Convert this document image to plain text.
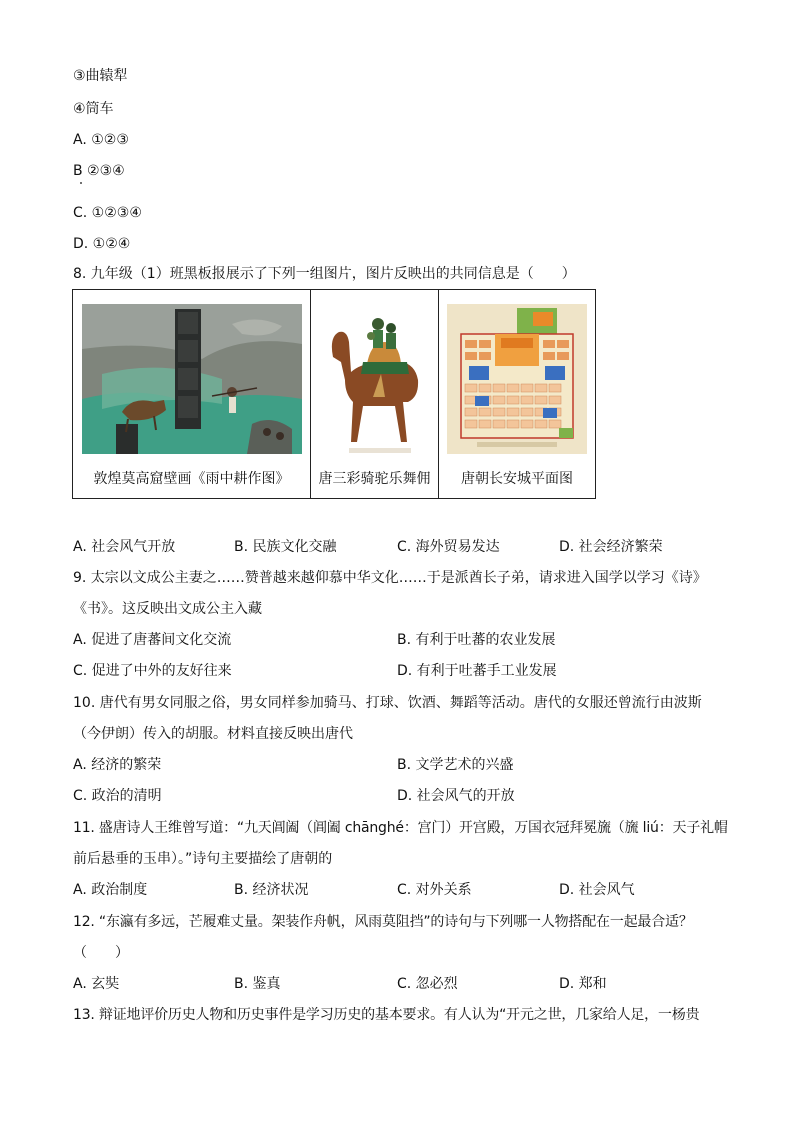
③曲辕犁
④筒车
A. ①②③
B ②③④
C. ①②③④
D. ①②④
8. 九年级（1）班黑板报展示了下列一组图片，图片反映出的共同信息是（　　）
敦煌莫高窟壁画《雨中耕作图》	唐三彩骑驼乐舞佣	唐朝长安城平面图
A. 社会风气开放	B. 民族文化交融	C. 海外贸易发达	D. 社会经济繁荣
9. 太宗以文成公主妻之……赞普越来越仰慕中华文化……于是派酋长子弟，请求进入国学以学习《诗》
《书》。这反映出文成公主入藏
A. 促进了唐蕃间文化交流	B. 有利于吐蕃的农业发展
C. 促进了中外的友好往来	D. 有利于吐蕃手工业发展
10. 唐代有男女同服之俗，男女同样参加骑马、打球、饮酒、舞蹈等活动。唐代的女服还曾流行由波斯
（今伊朗）传入的胡服。材料直接反映出唐代
A. 经济的繁荣	B. 文学艺术的兴盛
C. 政治的清明	D. 社会风气的开放
11. 盛唐诗人王维曾写道：“九天阊阖（阊阖 chānghé：宫门）开宫殿，万国衣冠拜冕旒（旒 liú：天子礼帽
前后悬垂的玉串）。”诗句主要描绘了唐朝的
A. 政治制度	B. 经济状况	C. 对外关系	D. 社会风气
12. “东瀛有多远，芒履难丈量。架装作舟帆，风雨莫阻挡”的诗句与下列哪一人物搭配在一起最合适？
（　　）
A. 玄奘	B. 鉴真	C. 忽必烈	D. 郑和
13. 辩证地评价历史人物和历史事件是学习历史的基本要求。有人认为“开元之世，几家给人足，一杨贵
